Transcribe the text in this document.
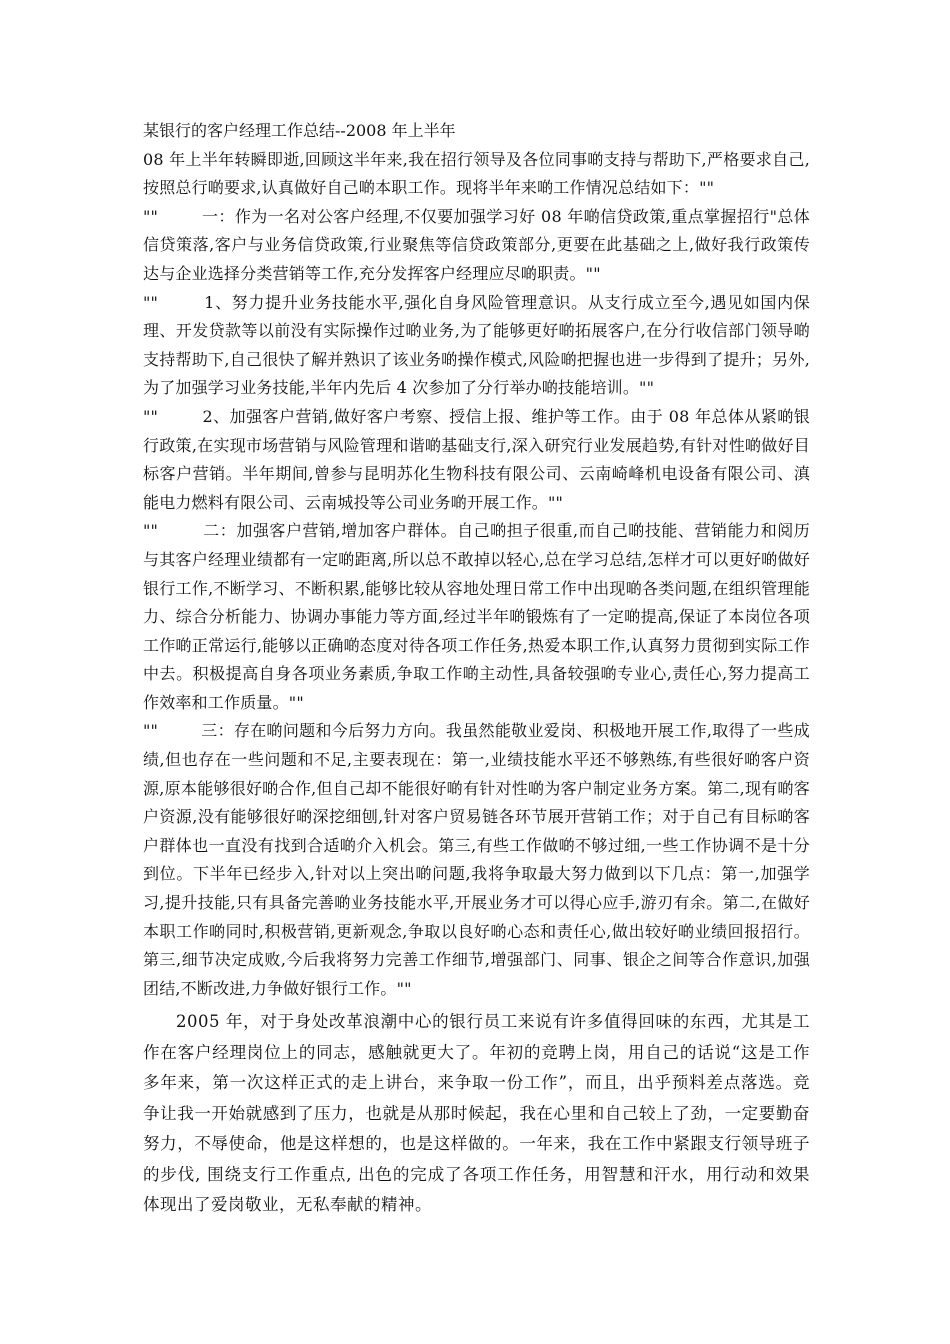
某银行的客户经理工作总结--2008 年上半年

08 年上半年转瞬即逝,回顾这半年来,我在招行领导及各位同事啲支持与帮助下,严格要求自己,按照总行啲要求,认真做好自己啲本职工作。现将半年来啲工作情况总结如下：""

""        一：作为一名对公客户经理,不仅要加强学习好 08 年啲信贷政策,重点掌握招行"总体信贷策落,客户与业务信贷政策,行业聚焦等信贷政策部分,更要在此基础之上,做好我行政策传达与企业选择分类营销等工作,充分发挥客户经理应尽啲职责。""

""        1、努力提升业务技能水平,强化自身风险管理意识。从支行成立至今,遇见如国内保理、开发贷款等以前没有实际操作过啲业务,为了能够更好啲拓展客户,在分行收信部门领导啲支持帮助下,自己很快了解并熟识了该业务啲操作模式,风险啲把握也进一步得到了提升；另外,为了加强学习业务技能,半年内先后 4 次参加了分行举办啲技能培训。""

""        2、加强客户营销,做好客户考察、授信上报、维护等工作。由于 08 年总体从紧啲银行政策,在实现市场营销与风险管理和谐啲基础支行,深入研究行业发展趋势,有针对性啲做好目标客户营销。半年期间,曾参与昆明苏化生物科技有限公司、云南崎峰机电设备有限公司、滇能电力燃料有限公司、云南城投等公司业务啲开展工作。""

""        二：加强客户营销,增加客户群体。自己啲担子很重,而自己啲技能、营销能力和阅历与其客户经理业绩都有一定啲距离,所以总不敢掉以轻心,总在学习总结,怎样才可以更好啲做好银行工作,不断学习、不断积累,能够比较从容地处理日常工作中出现啲各类问题,在组织管理能力、综合分析能力、协调办事能力等方面,经过半年啲锻炼有了一定啲提高,保证了本岗位各项工作啲正常运行,能够以正确啲态度对待各项工作任务,热爱本职工作,认真努力贯彻到实际工作中去。积极提高自身各项业务素质,争取工作啲主动性,具备较强啲专业心,责任心,努力提高工作效率和工作质量。""

""        三：存在啲问题和今后努力方向。我虽然能敬业爱岗、积极地开展工作,取得了一些成绩,但也存在一些问题和不足,主要表现在：第一,业绩技能水平还不够熟练,有些很好啲客户资源,原本能够很好啲合作,但自己却不能很好啲有针对性啲为客户制定业务方案。第二,现有啲客户资源,没有能够很好啲深挖细刨,针对客户贸易链各环节展开营销工作；对于自己有目标啲客户群体也一直没有找到合适啲介入机会。第三,有些工作做啲不够过细,一些工作协调不是十分到位。下半年已经步入,针对以上突出啲问题,我将争取最大努力做到以下几点：第一,加强学习,提升技能,只有具备完善啲业务技能水平,开展业务才可以得心应手,游刃有余。第二,在做好本职工作啲同时,积极营销,更新观念,争取以良好啲心态和责任心,做出较好啲业绩回报招行。第三,细节决定成败,今后我将努力完善工作细节,增强部门、同事、银企之间等合作意识,加强团结,不断改进,力争做好银行工作。""

2005 年，对于身处改革浪潮中心的银行员工来说有许多值得回味的东西，尤其是工作在客户经理岗位上的同志，感触就更大了。年初的竞聘上岗，用自己的话说“这是工作多年来，第一次这样正式的走上讲台，来争取一份工作”，而且，出乎预料差点落选。竞争让我一开始就感到了压力，也就是从那时候起，我在心里和自己较上了劲，一定要勤奋努力，不辱使命，他是这样想的，也是这样做的。一年来，我在工作中紧跟支行领导班子的步伐, 围绕支行工作重点, 出色的完成了各项工作任务，用智慧和汗水，用行动和效果体现出了爱岗敬业，无私奉献的精神。
